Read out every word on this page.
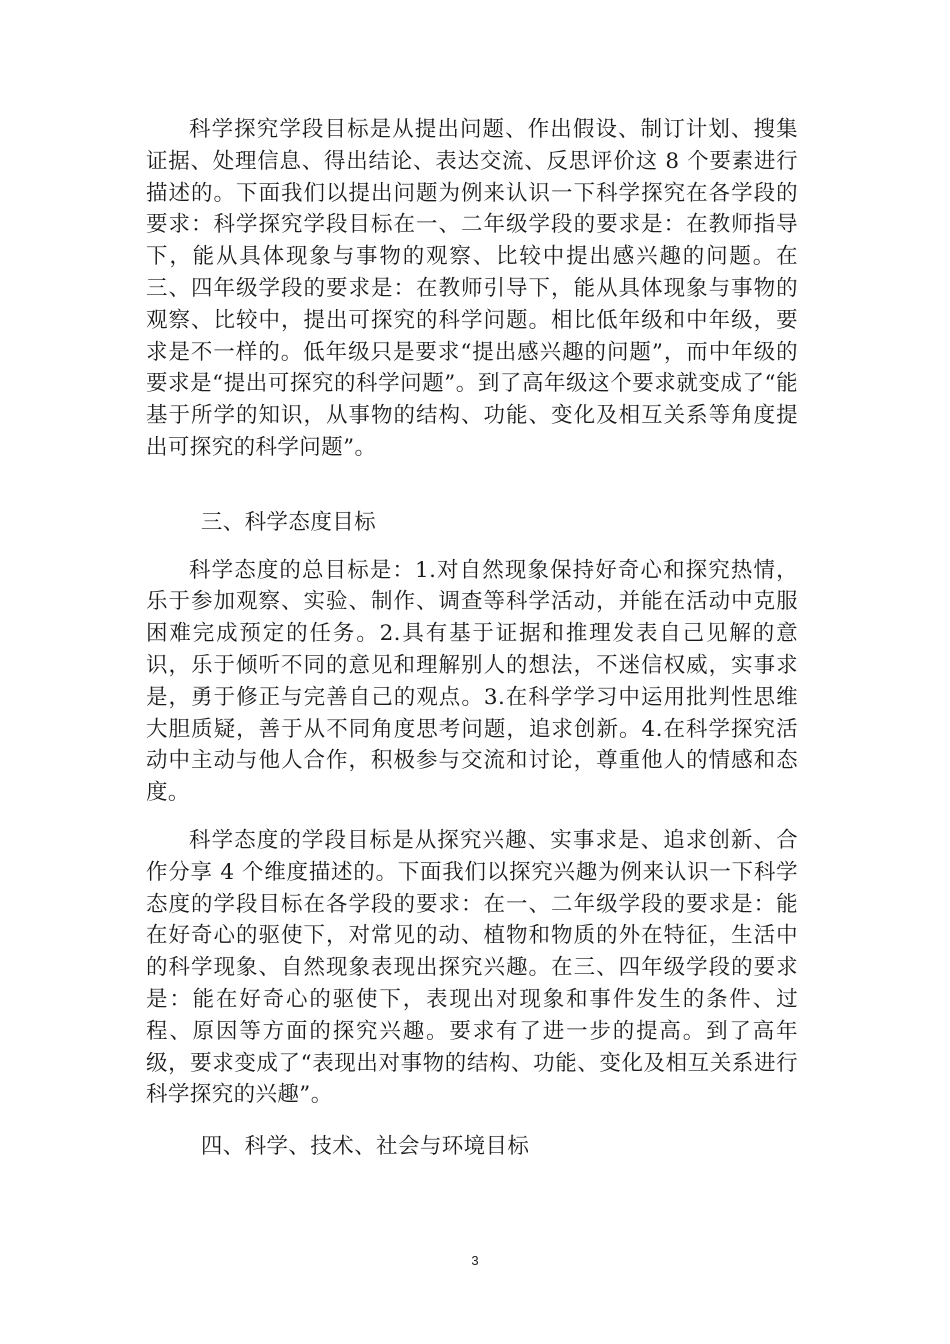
科学探究学段目标是从提出问题、作出假设、制订计划、搜集证据、处理信息、得出结论、表达交流、反思评价这 8 个要素进行描述的。下面我们以提出问题为例来认识一下科学探究在各学段的要求：科学探究学段目标在一、二年级学段的要求是：在教师指导下，能从具体现象与事物的观察、比较中提出感兴趣的问题。在三、四年级学段的要求是：在教师引导下，能从具体现象与事物的观察、比较中，提出可探究的科学问题。相比低年级和中年级，要求是不一样的。低年级只是要求“提出感兴趣的问题”，而中年级的要求是“提出可探究的科学问题”。到了高年级这个要求就变成了“能基于所学的知识，从事物的结构、功能、变化及相互关系等角度提出可探究的科学问题”。

三、科学态度目标

科学态度的总目标是：1.对自然现象保持好奇心和探究热情，乐于参加观察、实验、制作、调查等科学活动，并能在活动中克服困难完成预定的任务。2.具有基于证据和推理发表自己见解的意识，乐于倾听不同的意见和理解别人的想法，不迷信权威，实事求是，勇于修正与完善自己的观点。3.在科学学习中运用批判性思维大胆质疑，善于从不同角度思考问题，追求创新。4.在科学探究活动中主动与他人合作，积极参与交流和讨论，尊重他人的情感和态度。

科学态度的学段目标是从探究兴趣、实事求是、追求创新、合作分享 4 个维度描述的。下面我们以探究兴趣为例来认识一下科学态度的学段目标在各学段的要求：在一、二年级学段的要求是：能在好奇心的驱使下，对常见的动、植物和物质的外在特征，生活中的科学现象、自然现象表现出探究兴趣。在三、四年级学段的要求是：能在好奇心的驱使下，表现出对现象和事件发生的条件、过程、原因等方面的探究兴趣。要求有了进一步的提高。到了高年级，要求变成了“表现出对事物的结构、功能、变化及相互关系进行科学探究的兴趣”。

四、科学、技术、社会与环境目标

3
